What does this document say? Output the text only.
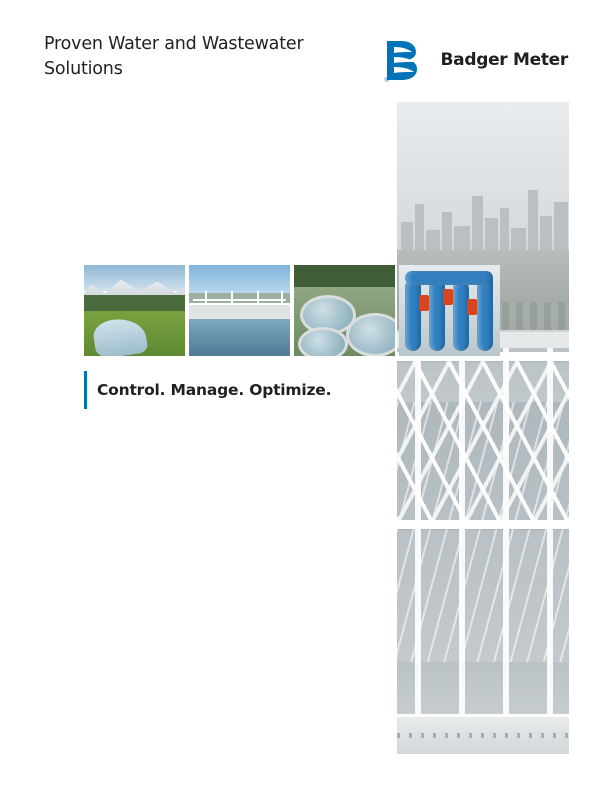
Proven Water and Wastewater Solutions
®
Badger Meter
Control. Manage. Optimize.
